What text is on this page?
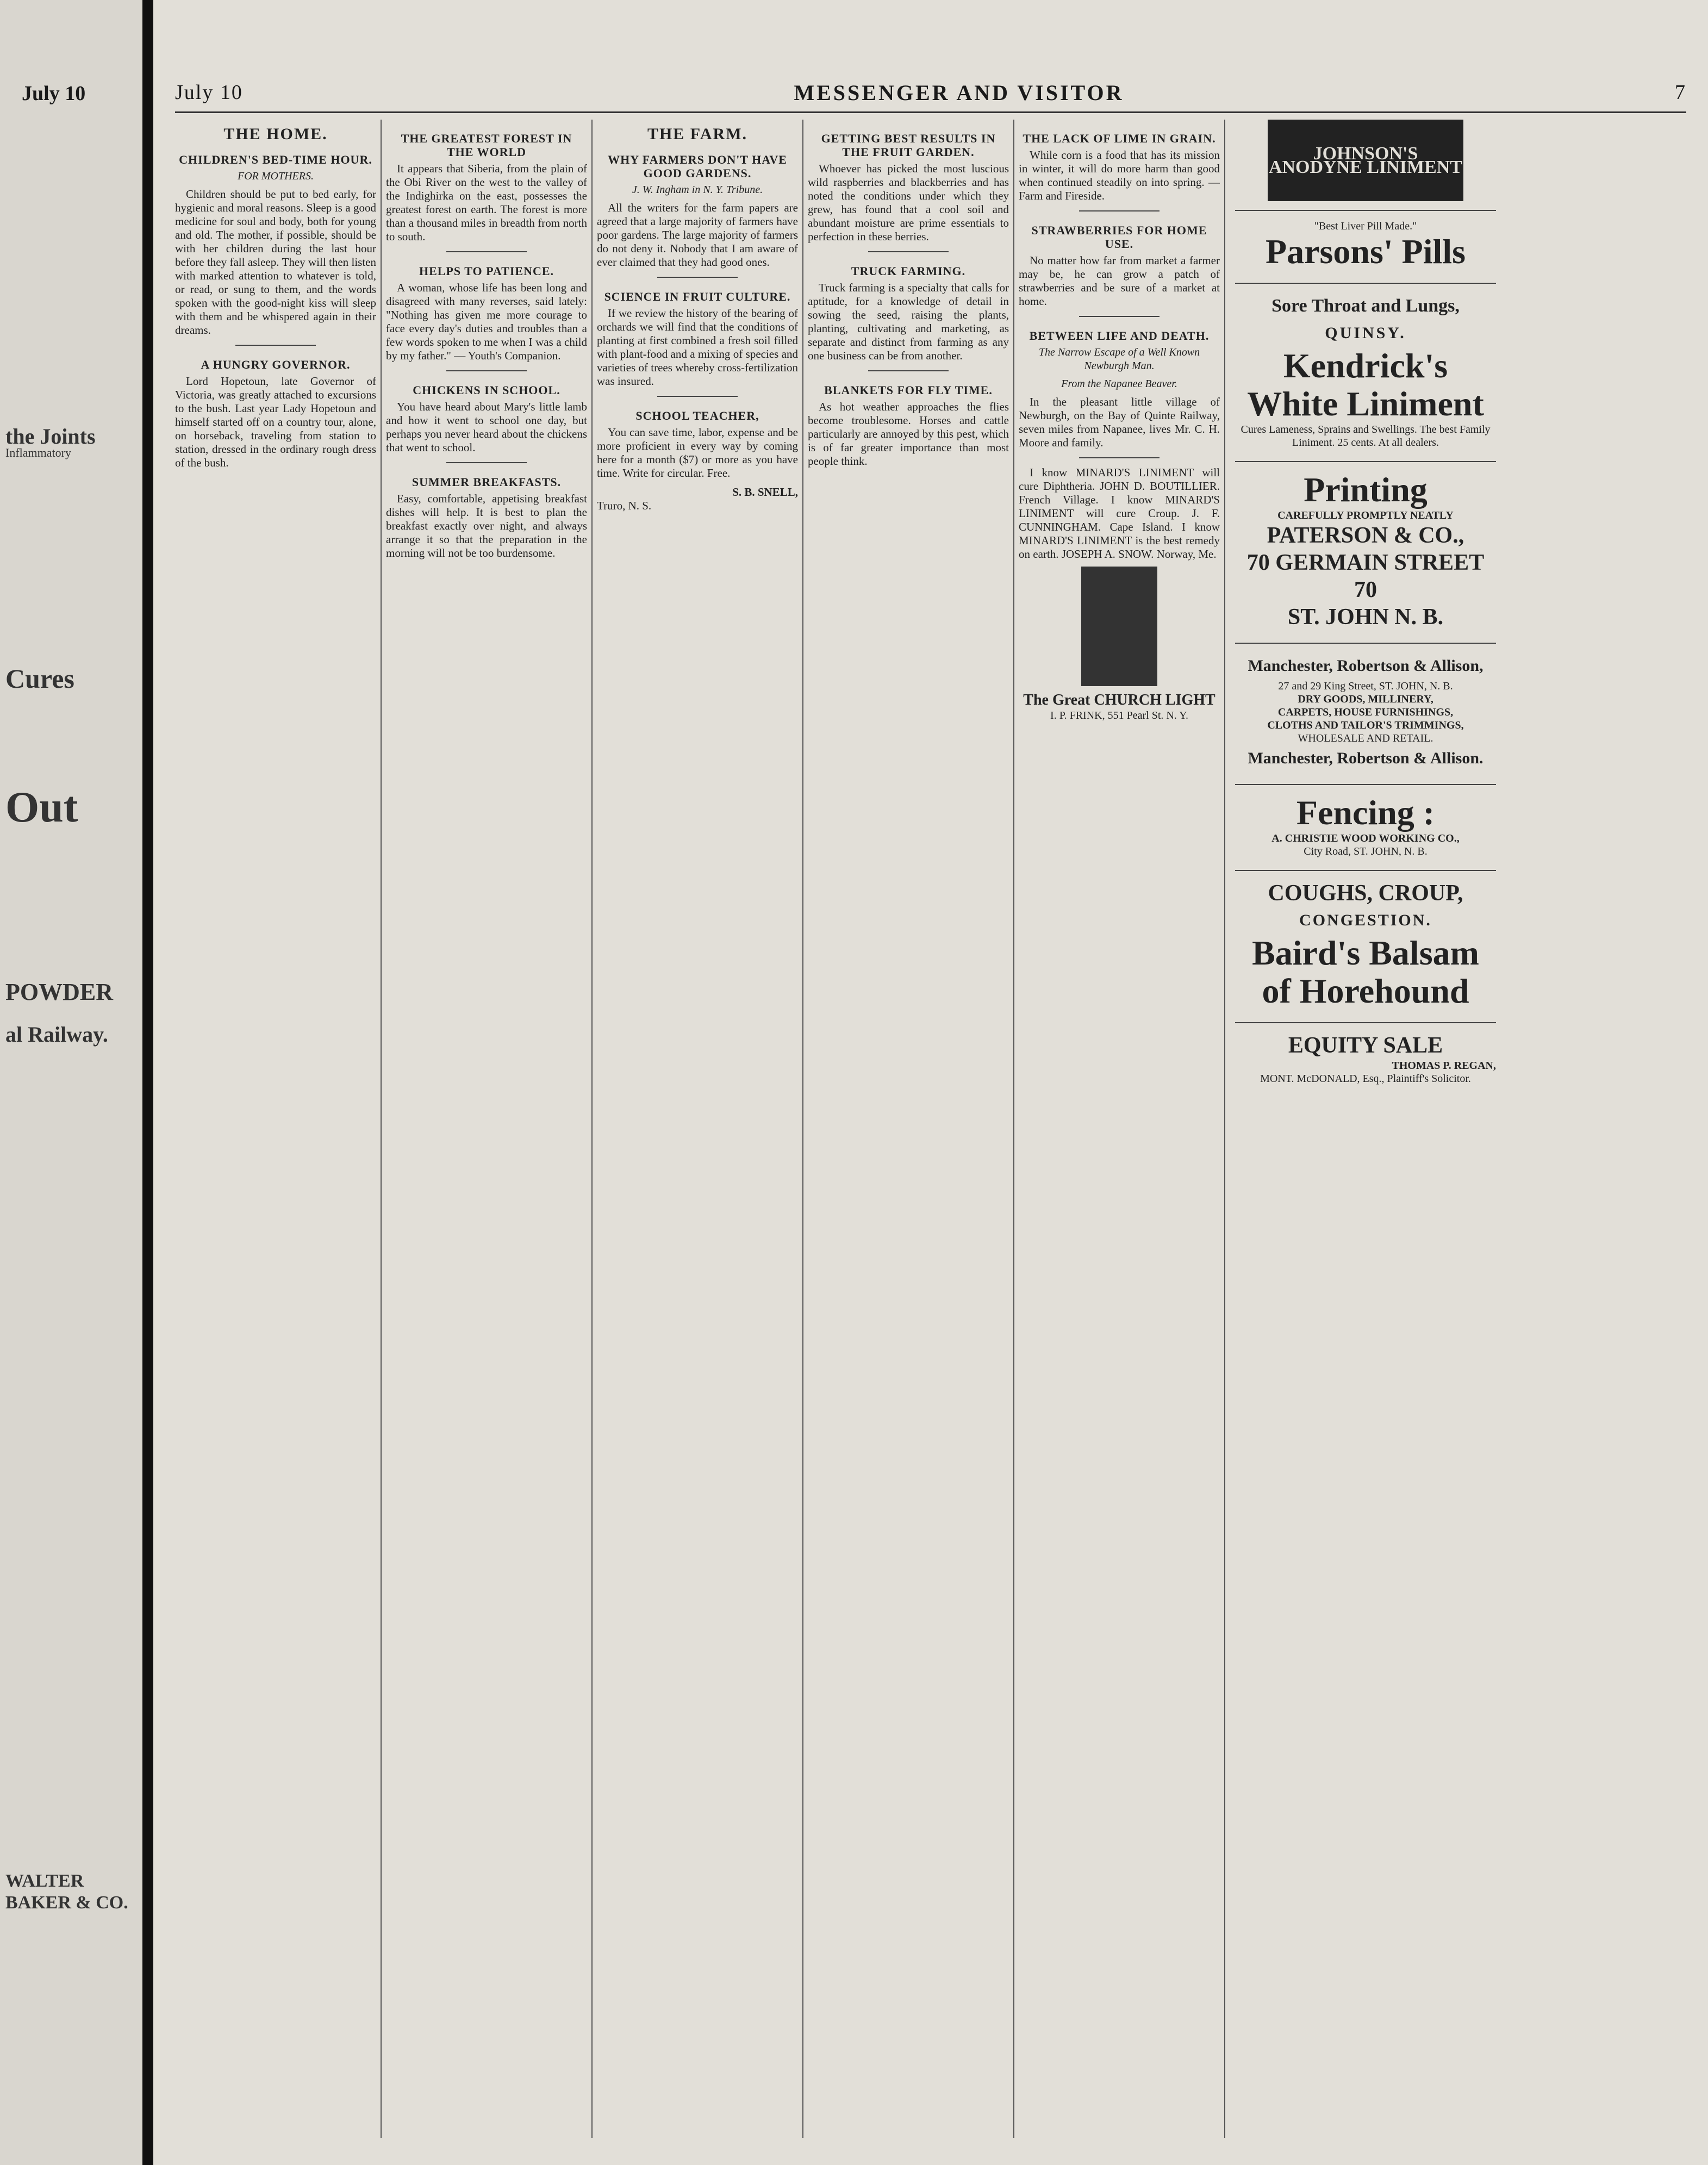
July 10
the Joints
Inflammatory
Cures
Out
POWDER
al Railway.
WALTER BAKER & CO.
July 10	MESSENGER AND VISITOR	7
THE HOME.
CHILDREN'S BED-TIME HOUR.
FOR MOTHERS.

Children should be put to bed early, for hygienic and moral reasons. Sleep is a good medicine for soul and body, both for young and old. The mother, if possible, should be with her children during the last hour before they fall asleep. They will then listen with marked attention to whatever is told, or read, or sung to them, and the words spoken with the good-night kiss will sleep with them and be whispered again in their dreams.

A HUNGRY GOVERNOR.

Lord Hopetoun, late Governor of Victoria, was greatly attached to excursions to the bush. Last year Lady Hopetoun and himself started off on a country tour, alone, on horseback, traveling from station to station, dressed in the ordinary rough dress of the bush.

THE GREATEST FOREST IN THE WORLD

It appears that Siberia, from the plain of the Obi River on the west to the valley of the Indighirka on the east, possesses the greatest forest on earth. The forest is more than a thousand miles in breadth from north to south.

HELPS TO PATIENCE.

A woman, whose life has been long and disagreed with many reverses, said lately: "Nothing has given me more courage to face every day's duties and troubles than a few words spoken to me when I was a child by my father." — Youth's Companion.

CHICKENS IN SCHOOL.

You have heard about Mary's little lamb and how it went to school one day, but perhaps you never heard about the chickens that went to school.

SUMMER BREAKFASTS.

Easy, comfortable, appetising breakfast dishes will help. It is best to plan the breakfast exactly over night, and always arrange it so that the preparation in the morning will not be too burdensome.

THE FARM.
WHY FARMERS DON'T HAVE GOOD GARDENS.
J. W. Ingham in N. Y. Tribune.

All the writers for the farm papers are agreed that a large majority of farmers have poor gardens. The large majority of farmers do not deny it. Nobody that I am aware of ever claimed that they had good ones.

SCIENCE IN FRUIT CULTURE.

If we review the history of the bearing of orchards we will find that the conditions of planting at first combined a fresh soil filled with plant-food and a mixing of species and varieties of trees whereby cross-fertilization was insured.

SCHOOL TEACHER,

You can save time, labor, expense and be more proficient in every way by coming here for a month ($7) or more as you have time. Write for circular. Free.

S. B. SNELL,
Truro, N. S.
GETTING BEST RESULTS IN THE FRUIT GARDEN.

Whoever has picked the most luscious wild raspberries and blackberries and has noted the conditions under which they grew, has found that a cool soil and abundant moisture are prime essentials to perfection in these berries.

TRUCK FARMING.

Truck farming is a specialty that calls for aptitude, for a knowledge of detail in sowing the seed, raising the plants, planting, cultivating and marketing, as separate and distinct from farming as any one business can be from another.

BLANKETS FOR FLY TIME.

As hot weather approaches the flies become troublesome. Horses and cattle particularly are annoyed by this pest, which is of far greater importance than most people think.

THE LACK OF LIME IN GRAIN.

While corn is a food that has its mission in winter, it will do more harm than good when continued steadily on into spring. — Farm and Fireside.

STRAWBERRIES FOR HOME USE.

No matter how far from market a farmer may be, he can grow a patch of strawberries and be sure of a market at home.

BETWEEN LIFE AND DEATH.
The Narrow Escape of a Well Known Newburgh Man.
From the Napanee Beaver.

In the pleasant little village of Newburgh, on the Bay of Quinte Railway, seven miles from Napanee, lives Mr. C. H. Moore and family.

I know MINARD'S LINIMENT will cure Diphtheria. JOHN D. BOUTILLIER. French Village. I know MINARD'S LINIMENT will cure Croup. J. F. CUNNINGHAM. Cape Island. I know MINARD'S LINIMENT is the best remedy on earth. JOSEPH A. SNOW. Norway, Me.

The Great CHURCH LIGHT
I. P. FRINK, 551 Pearl St. N. Y.
JOHNSON'S ANODYNE LINIMENT
"Best Liver Pill Made."
Parsons' Pills
Sore Throat and Lungs,
QUINSY.
Kendrick's White Liniment
Cures Lameness, Sprains and Swellings. The best Family Liniment. 25 cents. At all dealers.
Printing
CAREFULLY PROMPTLY NEATLY
PATERSON & CO.,
70 GERMAIN STREET 70
ST. JOHN N. B.
Manchester, Robertson & Allison,
27 and 29 King Street, ST. JOHN, N. B.
DRY GOODS, MILLINERY,
CARPETS, HOUSE FURNISHINGS,
CLOTHS AND TAILOR'S TRIMMINGS,
WHOLESALE AND RETAIL.
Manchester, Robertson & Allison.
Fencing :
A. CHRISTIE WOOD WORKING CO.,
City Road, ST. JOHN, N. B.
COUGHS, CROUP,
CONGESTION.
Baird's Balsam of Horehound
EQUITY SALE
THOMAS P. REGAN,
MONT. McDONALD, Esq., Plaintiff's Solicitor.
